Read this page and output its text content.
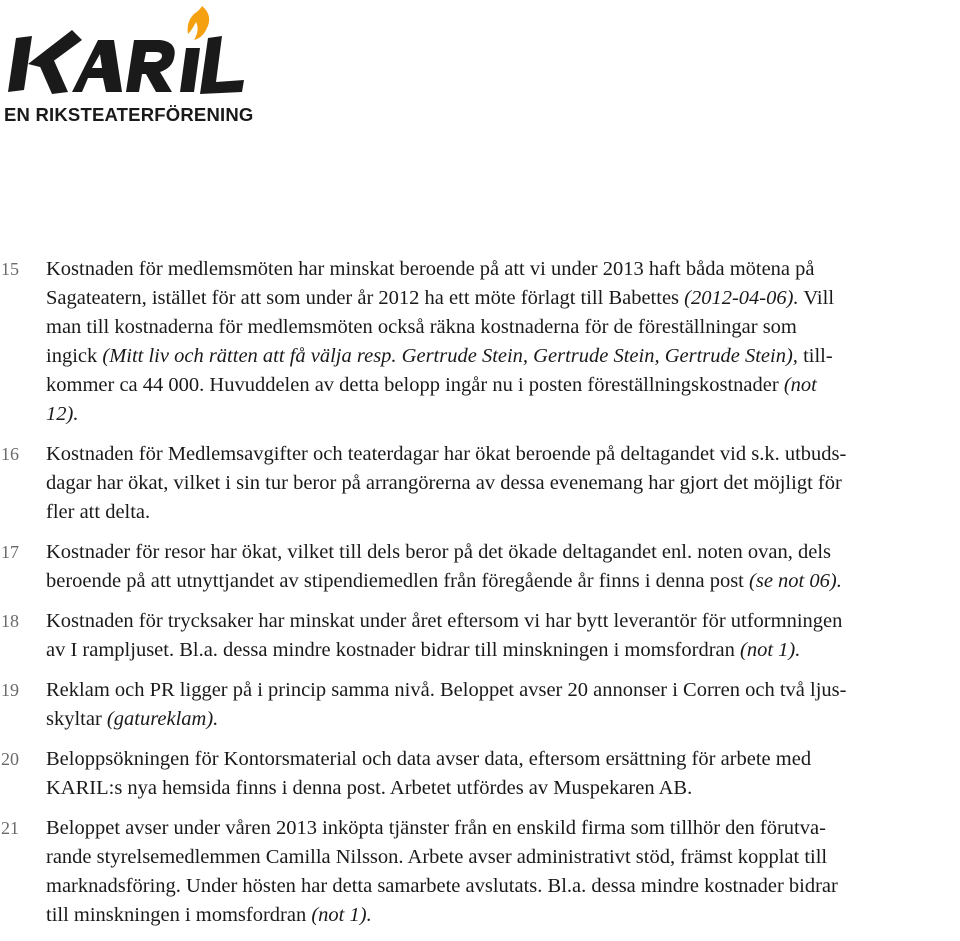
EN RIKSTEATERFÖRENING
15	Kostnaden för medlemsmöten har minskat beroende på att vi under 2013 haft båda mötena på
Sagateatern, istället för att som under år 2012 ha ett möte förlagt till Babettes (2012-04-06). Vill
man till kostnaderna för medlemsmöten också räkna kostnaderna för de föreställningar som
ingick (Mitt liv och rätten att få välja resp. Gertrude Stein, Gertrude Stein, Gertrude Stein), till-
kommer ca 44 000. Huvuddelen av detta belopp ingår nu i posten föreställningskostnader (not
12).
16	Kostnaden för Medlemsavgifter och teaterdagar har ökat beroende på deltagandet vid s.k. utbuds-
dagar har ökat, vilket i sin tur beror på arrangörerna av dessa evenemang har gjort det möjligt för
fler att delta.
17	Kostnader för resor har ökat, vilket till dels beror på det ökade deltagandet enl. noten ovan, dels
beroende på att utnyttjandet av stipendiemedlen från föregående år finns i denna post (se not 06).
18	Kostnaden för trycksaker har minskat under året eftersom vi har bytt leverantör för utformningen
av I rampljuset. Bl.a. dessa mindre kostnader bidrar till minskningen i momsfordran (not 1).
19	Reklam och PR ligger på i princip samma nivå. Beloppet avser 20 annonser i Corren och två ljus-
skyltar (gatureklam).
20	Beloppsökningen för Kontorsmaterial och data avser data, eftersom ersättning för arbete med
KARIL:s nya hemsida finns i denna post. Arbetet utfördes av Muspekaren AB.
21	Beloppet avser under våren 2013 inköpta tjänster från en enskild firma som tillhör den förutva-
rande styrelsemedlemmen Camilla Nilsson. Arbete avser administrativt stöd, främst kopplat till
marknadsföring. Under hösten har detta samarbete avslutats. Bl.a. dessa mindre kostnader bidrar
till minskningen i momsfordran (not 1).
